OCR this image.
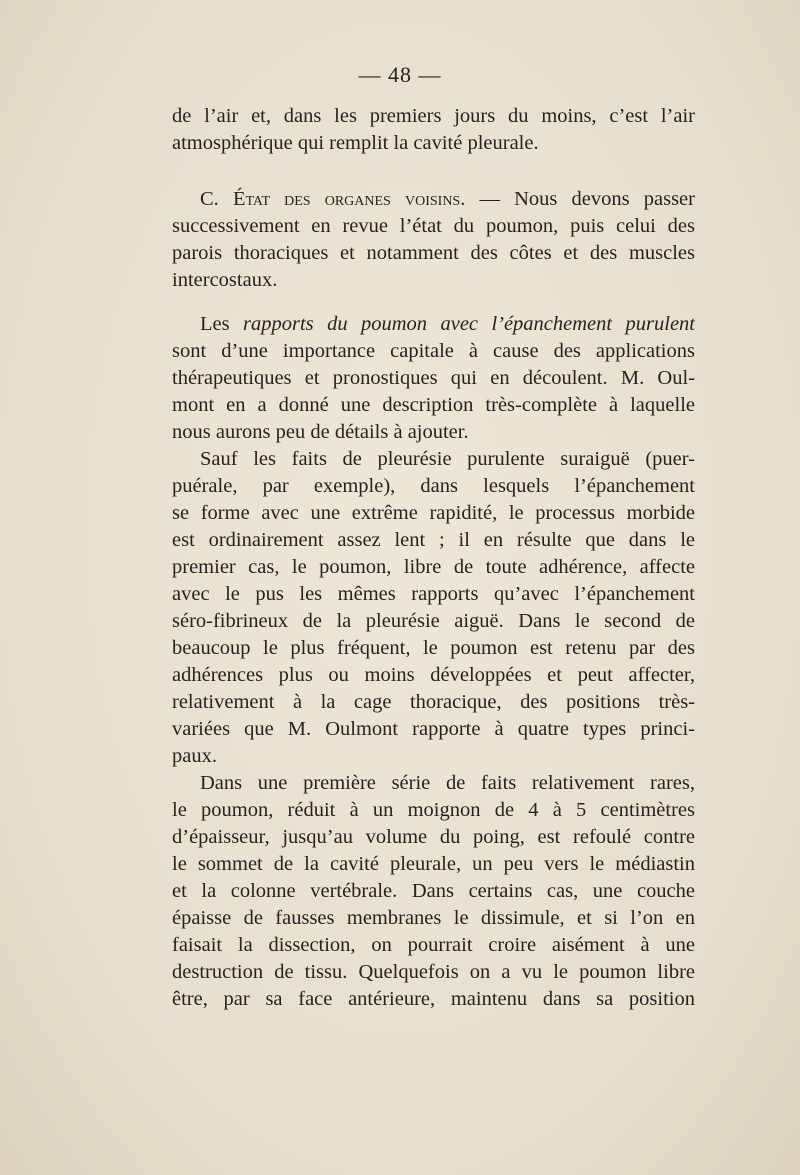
— 48 —
de l’air et, dans les premiers jours du moins, c’est l’air
atmosphérique qui remplit la cavité pleurale.
C. État des organes voisins. — Nous devons passer
successivement en revue l’état du poumon, puis celui des
parois thoraciques et notamment des côtes et des muscles
intercostaux.
Les rapports du poumon avec l’épanchement purulent
sont d’une importance capitale à cause des applications
thérapeutiques et pronostiques qui en découlent. M. Oul-
mont en a donné une description très-complète à laquelle
nous aurons peu de détails à ajouter.
Sauf les faits de pleurésie purulente suraiguë (puer-
puérale, par exemple), dans lesquels l’épanchement
se forme avec une extrême rapidité, le processus morbide
est ordinairement assez lent ; il en résulte que dans le
premier cas, le poumon, libre de toute adhérence, affecte
avec le pus les mêmes rapports qu’avec l’épanchement
séro-fibrineux de la pleurésie aiguë. Dans le second de
beaucoup le plus fréquent, le poumon est retenu par des
adhérences plus ou moins développées et peut affecter,
relativement à la cage thoracique, des positions très-
variées que M. Oulmont rapporte à quatre types princi-
paux.
Dans une première série de faits relativement rares,
le poumon, réduit à un moignon de 4 à 5 centimètres
d’épaisseur, jusqu’au volume du poing, est refoulé contre
le sommet de la cavité pleurale, un peu vers le médiastin
et la colonne vertébrale. Dans certains cas, une couche
épaisse de fausses membranes le dissimule, et si l’on en
faisait la dissection, on pourrait croire aisément à une
destruction de tissu. Quelquefois on a vu le poumon libre
être, par sa face antérieure, maintenu dans sa position
